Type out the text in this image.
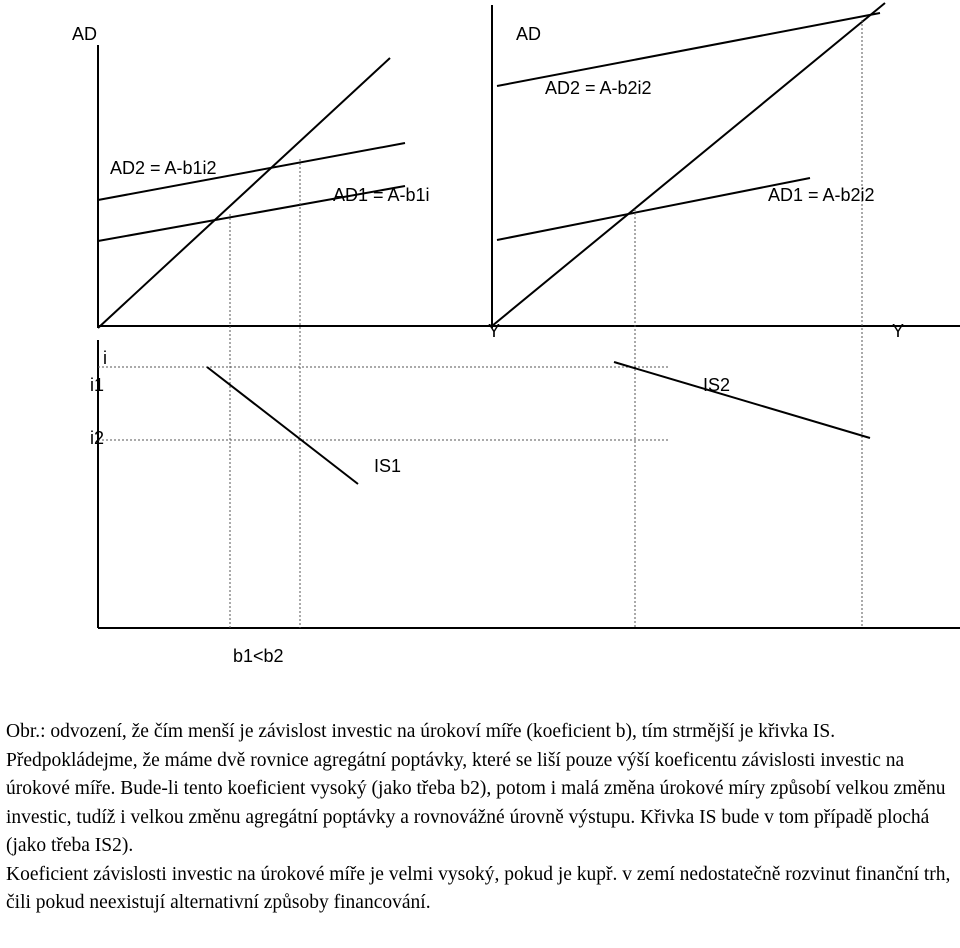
AD
AD2 = A-b1i2
AD1 = A-b1i
i
i1
i2
IS1
AD
AD2 = A-b2i2
AD1 = A-b2i2
Y	Y
IS2
b1<b2

Obr.: odvození, že čím menší je závislost investic na úrokoví míře (koeficient b), tím strmější je křivka IS.

Předpokládejme, že máme dvě rovnice agregátní poptávky, které se liší pouze výší koeficentu závislosti investic na úrokové míře. Bude-li tento koeficient vysoký (jako třeba b2), potom i malá změna úrokové míry způsobí velkou změnu investic, tudíž i velkou změnu agregátní poptávky a rovnovážné úrovně výstupu. Křivka IS bude v tom případě plochá (jako třeba IS2).

Koeficient závislosti investic na úrokové míře je velmi vysoký, pokud je kupř. v zemí nedostatečně rozvinut finanční trh, čili pokud neexistují alternativní způsoby financování.
